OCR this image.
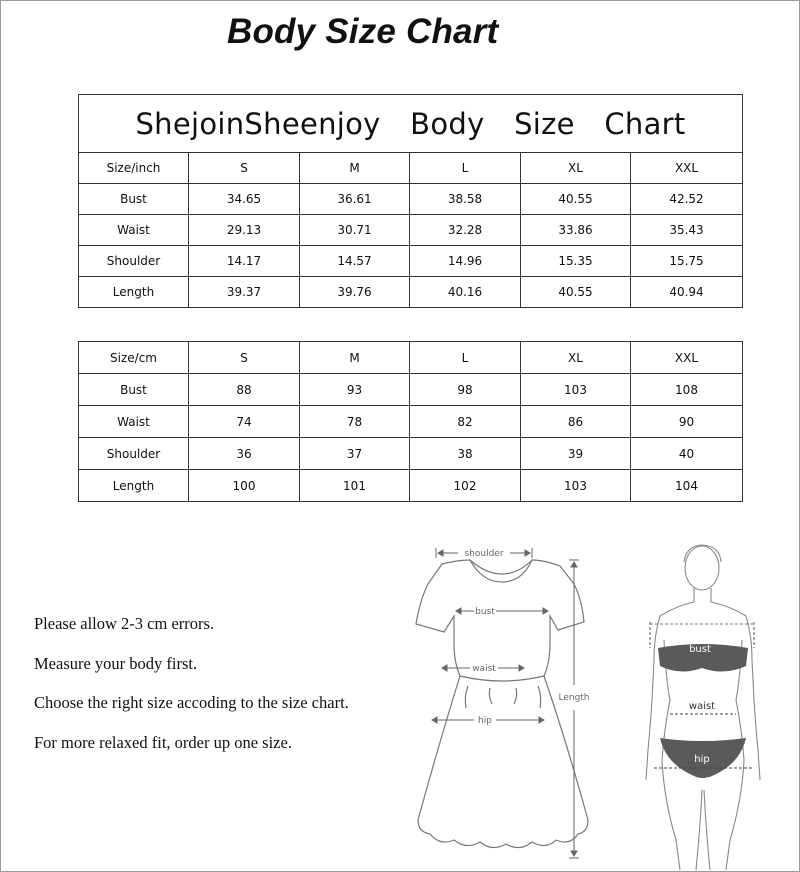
Body Size Chart
ShejoinSheenjoy Body Size Chart					
Size/inch	S	M	L	XL	XXL
Bust	34.65	36.61	38.58	40.55	42.52
Waist	29.13	30.71	32.28	33.86	35.43
Shoulder	14.17	14.57	14.96	15.35	15.75
Length	39.37	39.76	40.16	40.55	40.94
Size/cm	S	M	L	XL	XXL
Bust	88	93	98	103	108
Waist	74	78	82	86	90
Shoulder	36	37	38	39	40
Length	100	101	102	103	104
Please allow 2-3 cm errors.
Measure your body first.
Choose the right size accoding to the size chart.
For more relaxed fit, order up one size.
shoulder
bust
waist
hip
Length
bust
waist
hip
